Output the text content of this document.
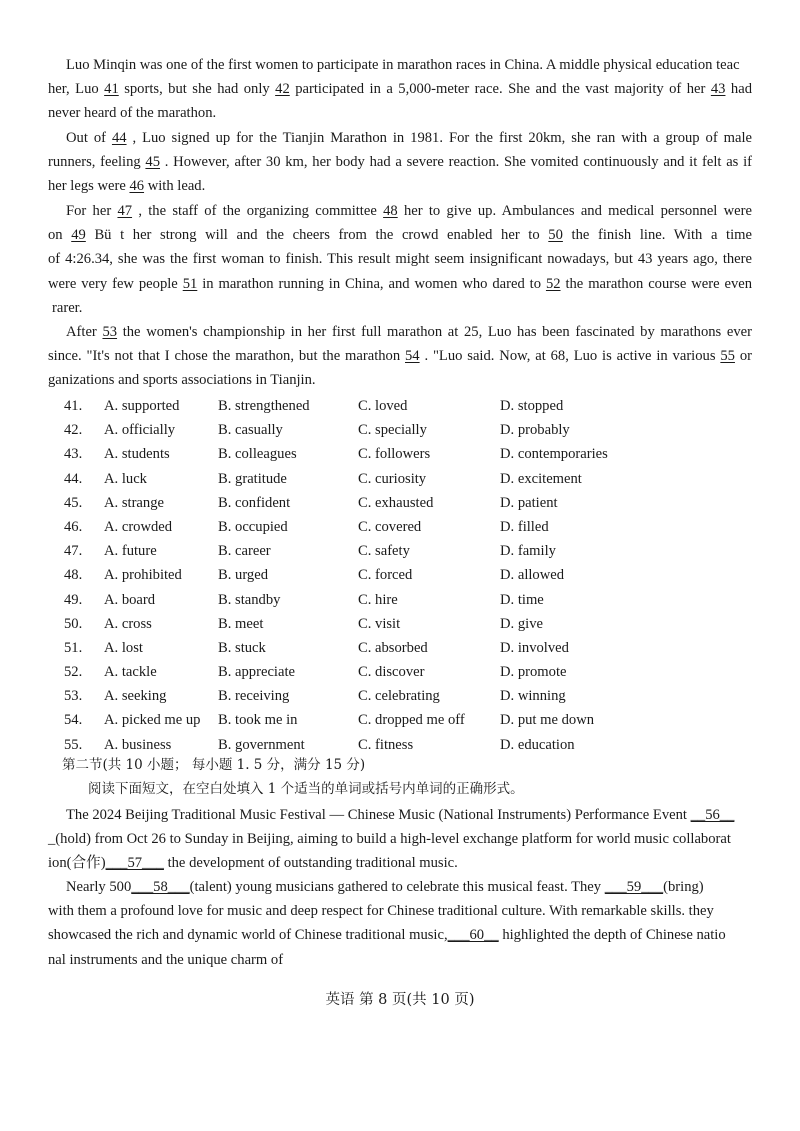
Luo Minqin was one of the first women to participate in marathon races in China. A middle physical education teac
her, Luo 41 sports, but she had only 42 participated in a 5,000-meter race. She and the vast majority of her 43 had
never heard of the marathon.
Out of 44 , Luo signed up for the Tianjin Marathon in 1981. For the first 20km, she ran with a group of male
runners, feeling 45 . However, after 30 km, her body had a severe reaction. She vomited continuously and it felt as if
her legs were 46 with lead.
For her 47 , the staff of the organizing committee 48 her to give up. Ambulances and medical personnel were
on 49 Bü t her strong will and the cheers from the crowd enabled her to 50 the finish line. With a time
of 4:26.34, she was the first woman to finish. This result might seem insignificant nowadays, but 43 years ago, there
were very few people 51 in marathon running in China, and women who dared to 52 the marathon course were even
rarer.
After 53 the women's championship in her first full marathon at 25, Luo has been fascinated by marathons ever
since. "It's not that I chose the marathon, but the marathon 54 . "Luo said. Now, at 68, Luo is active in various 55 or
ganizations and sports associations in Tianjin.
41. A. supported	B. strengthened	C. loved	D. stopped
42. A. officially	B. casually	C. specially	D. probably
43. A. students	B. colleagues	C. followers	D. contemporaries
44. A. luck	B. gratitude	C. curiosity	D. excitement
45. A. strange	B. confident	C. exhausted	D. patient
46. A. crowded	B. occupied	C. covered	D. filled
47. A. future	B. career	C. safety	D. family
48. A. prohibited B. urged	C. forced	D. allowed
49. A. board	B. standby	C. hire	D. time
50. A. cross	B. meet	C. visit	D. give
51. A. lost	B. stuck	C. absorbed	D. involved
52. A. tackle	B. appreciate	C. discover	D. promote
53. A. seeking	B. receiving	C. celebrating	D. winning
54. A. picked me up B. took me in	C. dropped me off D. put me down
55. A. business	B. government	C. fitness	D. education
第二节(共 10 小题； 每小题 1. 5 分，满分 15 分)
阅读下面短文，在空白处填入 1 个适当的单词或括号内单词的正确形式。
The 2024 Beijing Traditional Music Festival — Chinese Music (National Instruments) Performance Event __56__
_(hold) from Oct 26 to Sunday in Beijing, aiming to build a high-level exchange platform for world music collaborat
ion(合作)___57___ the development of outstanding traditional music.
Nearly 500___58___(talent) young musicians gathered to celebrate this musical feast. They ___59___(bring)
with them a profound love for music and deep respect for Chinese traditional culture. With remarkable skills. they
showcased the rich and dynamic world of Chinese traditional music,___60__ highlighted the depth of Chinese natio
nal instruments and the unique charm of
英语 第 8 页(共 10 页)
